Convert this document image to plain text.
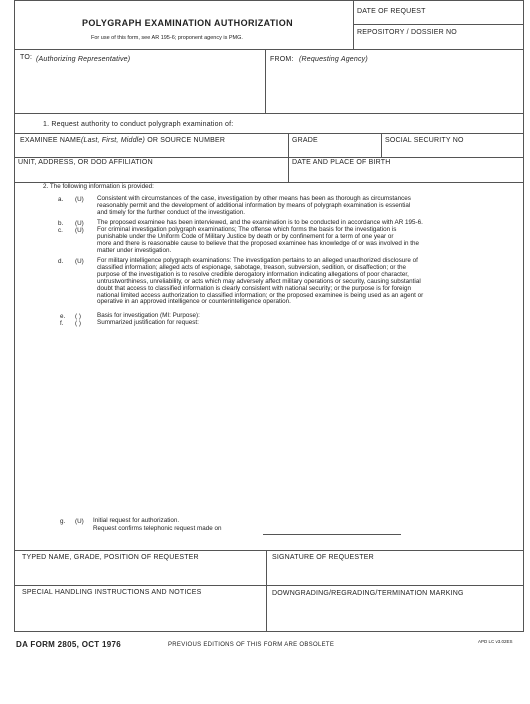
POLYGRAPH EXAMINATION AUTHORIZATION
For use of this form, see AR 195-6; proponent agency is PMG.
DATE OF REQUEST
REPOSITORY / DOSSIER NO
TO: (Authorizing Representative)	FROM: (Requesting Agency)
1. Request authority to conduct polygraph examination of:
EXAMINEE NAME(Last, First, Middle) OR SOURCE NUMBER	GRADE	SOCIAL SECURITY NO
UNIT, ADDRESS, OR DOD AFFILIATION	DATE AND PLACE OF BIRTH
2. The following information is provided:
a. (U) Consistent with circumstances of the case, investigation by other means has been as thorough as circumstances
reasonably permit and the development of additional information by means of polygraph examination is essential
and timely for the further conduct of the investigation.
b. (U) The proposed examinee has been interviewed, and the examination is to be conducted in accordance with AR 195-6.
c. (U) For criminal investigation polygraph examinations; The offense which forms the basis for the investigation is
punishable under the Uniform Code of Military Justice by death or by confinement for a term of one year or
more and there is reasonable cause to believe that the proposed examinee has knowledge of or was involved in the
matter under investigation.
d. (U) For military intelligence polygraph examinations: The investigation pertains to an alleged unauthorized disclosure of
classified information; alleged acts of espionage, sabotage, treason, subversion, sedition, or disaffection; or the
purpose of the investigation is to resolve credible derogatory information indicating allegations of poor character,
untrustworthiness, unreliability, or acts which may adversely affect military operations or security, causing substantial
doubt that access to classified information is clearly consistent with national security; or the purpose is for foreign
national limited access authorization to classified information; or the proposed examinee is being used as an agent or
operative in an approved intelligence or counterintelligence operation.
e. ( )	Basis for investigation (MI: Purpose):
f. ( )	Summarized justification for request:
g. (U) Initial request for authorization.
Request confirms telephonic request made on
TYPED NAME, GRADE, POSITION OF REQUESTER	SIGNATURE OF REQUESTER
SPECIAL HANDLING INSTRUCTIONS AND NOTICES	DOWNGRADING/REGRADING/TERMINATION MARKING
DA FORM 2805, OCT 1976	PREVIOUS EDITIONS OF THIS FORM ARE OBSOLETE
APD LC v3.02ES
